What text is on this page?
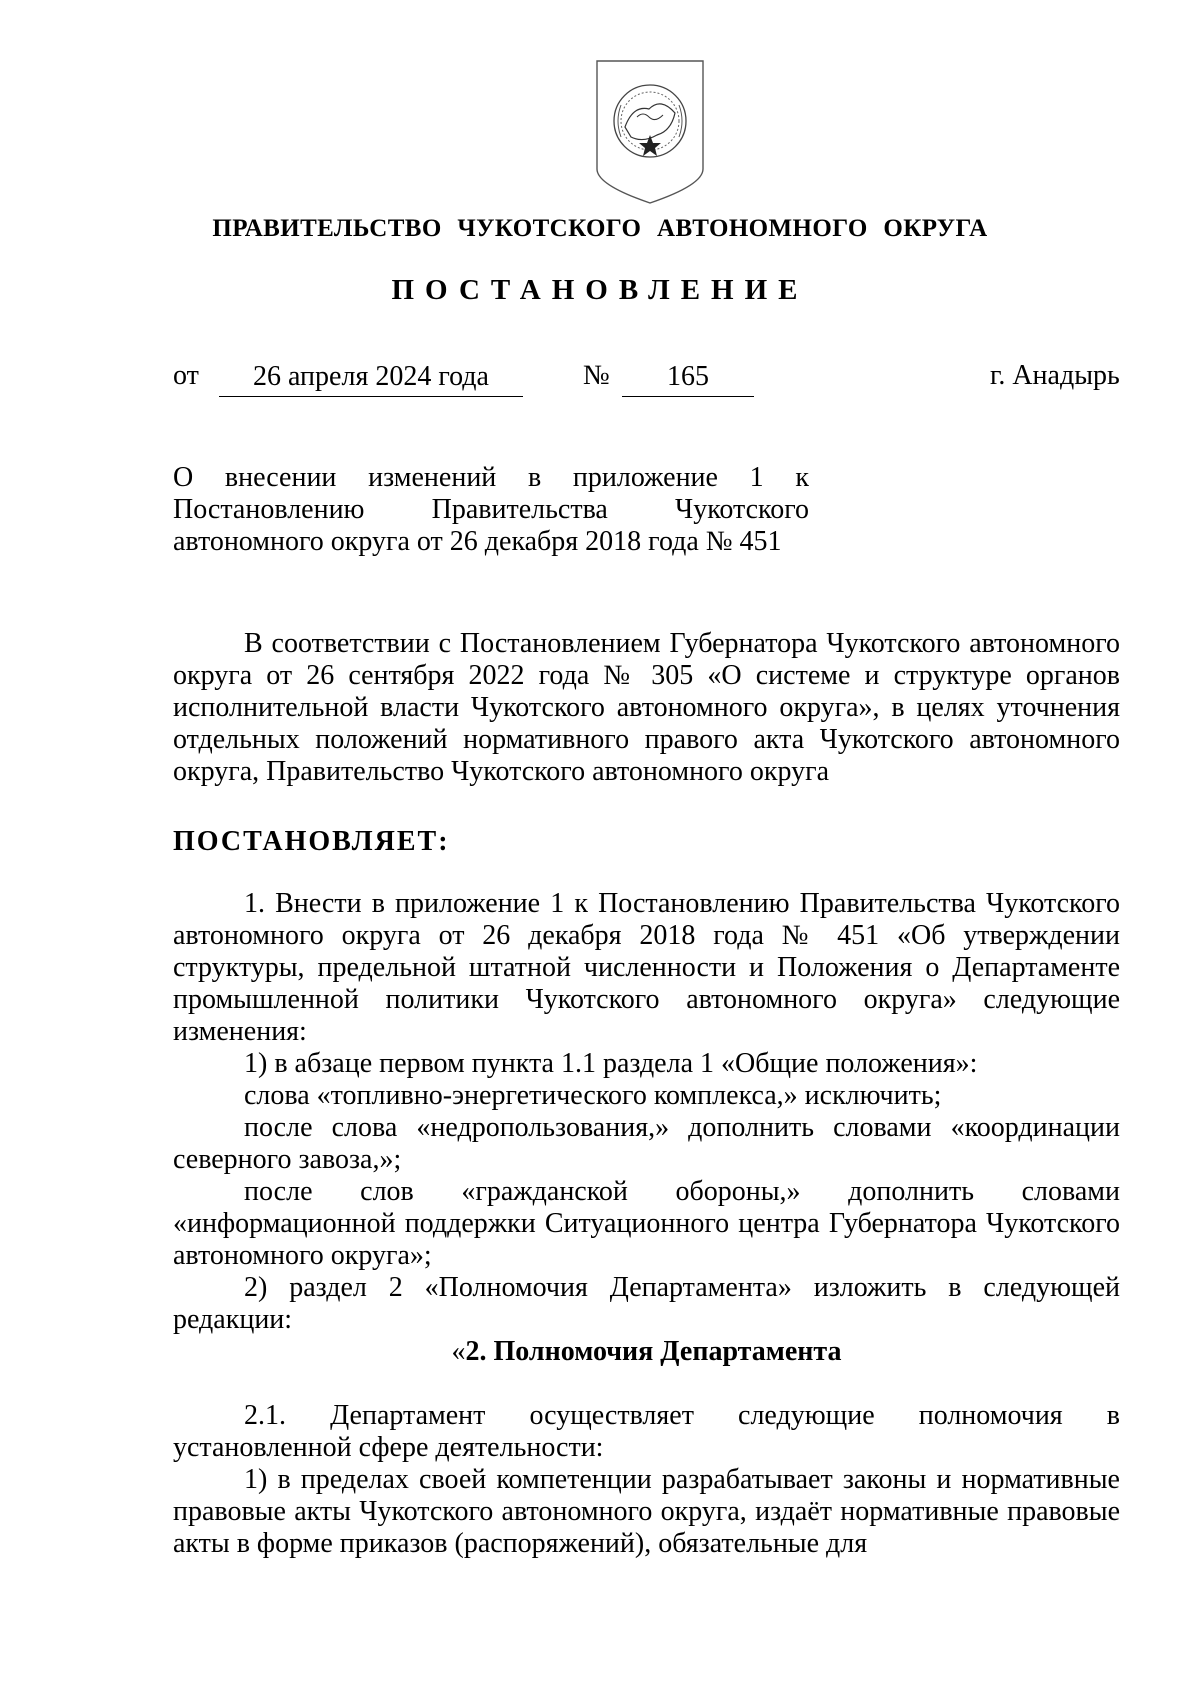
ПРАВИТЕЛЬСТВО ЧУКОТСКОГО АВТОНОМНОГО ОКРУГА
ПОСТАНОВЛЕНИЕ
от	26 апреля 2024 года	№	165	г. Анадырь
О внесении изменений в приложение 1 к
Постановлению Правительства Чукотского
автономного округа от 26 декабря 2018 года № 451

В соответствии с Постановлением Губернатора Чукотского автономного округа от 26 сентября 2022 года № 305 «О системе и структуре органов исполнительной власти Чукотского автономного округа», в целях уточнения отдельных положений нормативного правого акта Чукотского автономного округа, Правительство Чукотского автономного округа

ПОСТАНОВЛЯЕТ:

1. Внести в приложение 1 к Постановлению Правительства Чукотского автономного округа от 26 декабря 2018 года № 451 «Об утверждении структуры, предельной штатной численности и Положения о Департаменте промышленной политики Чукотского автономного округа» следующие изменения:

1) в абзаце первом пункта 1.1 раздела 1 «Общие положения»:

слова «топливно-энергетического комплекса,» исключить;

после слова «недропользования,» дополнить словами «координации северного завоза,»;

после слов «гражданской обороны,» дополнить словами «информационной поддержки Ситуационного центра Губернатора Чукотского автономного округа»;

2) раздел 2 «Полномочия Департамента» изложить в следующей редакции:

«2. Полномочия Департамента

2.1. Департамент осуществляет следующие полномочия в установленной сфере деятельности:

1) в пределах своей компетенции разрабатывает законы и нормативные правовые акты Чукотского автономного округа, издаёт нормативные правовые акты в форме приказов (распоряжений), обязательные для
